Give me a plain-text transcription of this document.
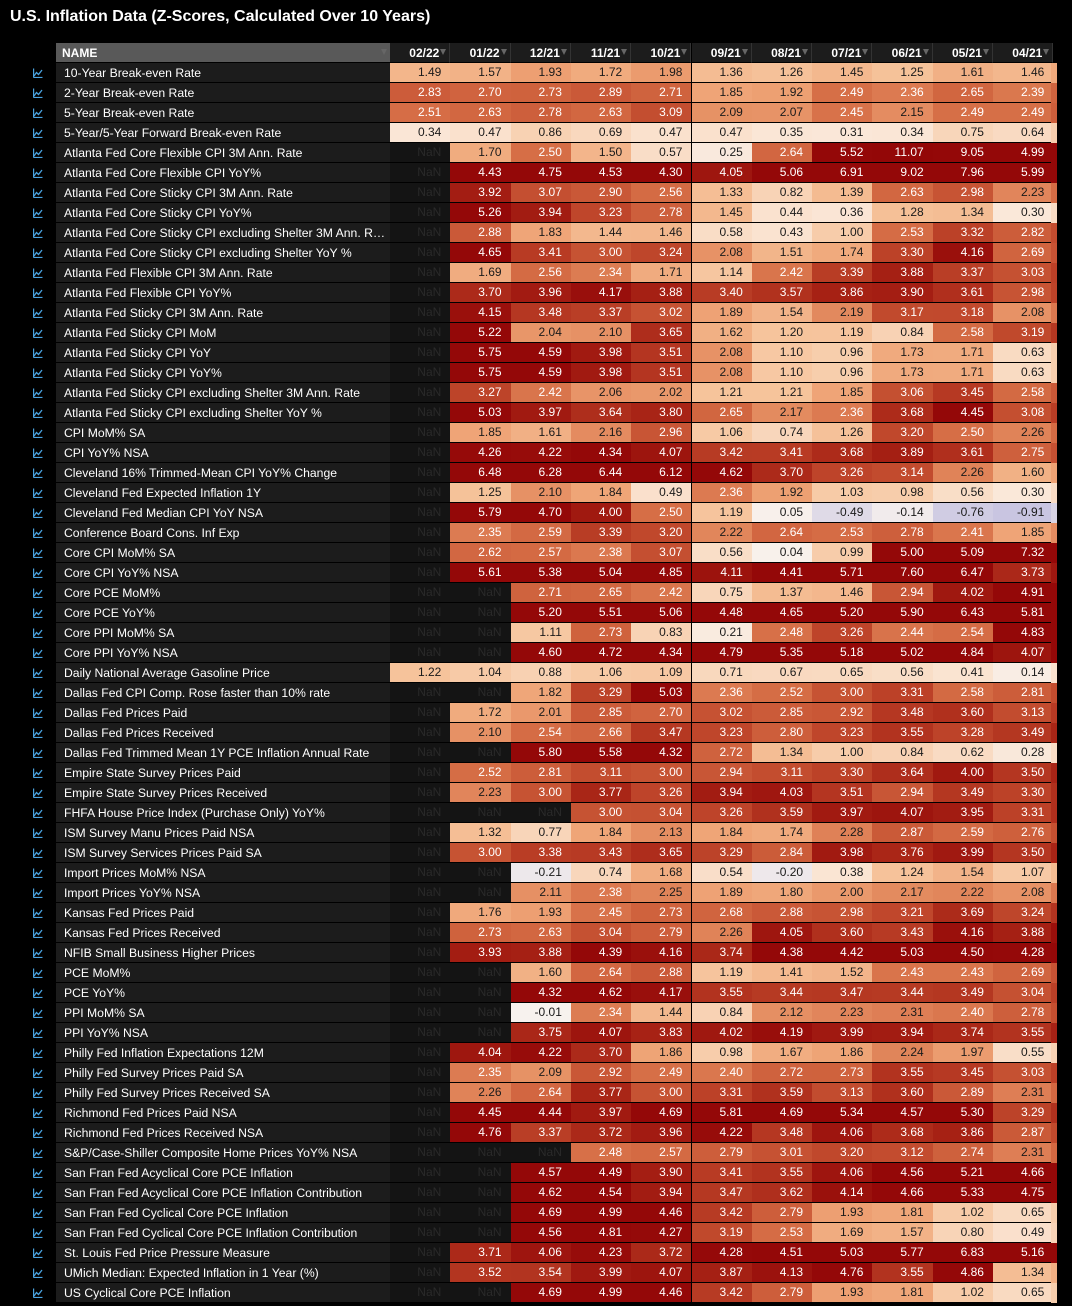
U.S. Inflation Data (Z-Scores, Calculated Over 10 Years)
NAME	02/22	01/22	12/21	11/21	10/21	09/21	08/21	07/21	06/21	05/21	04/21
10-Year Break-even Rate	1.49	1.57	1.93	1.72	1.98	1.36	1.26	1.45	1.25	1.61	1.46
2-Year Break-even Rate	2.83	2.70	2.73	2.89	2.71	1.85	1.92	2.49	2.36	2.65	2.39
5-Year Break-even Rate	2.51	2.63	2.78	2.63	3.09	2.09	2.07	2.45	2.15	2.49	2.49
5-Year/5-Year Forward Break-even Rate	0.34	0.47	0.86	0.69	0.47	0.47	0.35	0.31	0.34	0.75	0.64
Atlanta Fed Core Flexible CPI 3M Ann. Rate	NaN	1.70	2.50	1.50	0.57	0.25	2.64	5.52	11.07	9.05	4.99
Atlanta Fed Core Flexible CPI YoY%	NaN	4.43	4.75	4.53	4.30	4.05	5.06	6.91	9.02	7.96	5.99
Atlanta Fed Core Sticky CPI 3M Ann. Rate	NaN	3.92	3.07	2.90	2.56	1.33	0.82	1.39	2.63	2.98	2.23
Atlanta Fed Core Sticky CPI YoY%	NaN	5.26	3.94	3.23	2.78	1.45	0.44	0.36	1.28	1.34	0.30
Atlanta Fed Core Sticky CPI excluding Shelter 3M Ann. R…	NaN	2.88	1.83	1.44	1.46	0.58	0.43	1.00	2.53	3.32	2.82
Atlanta Fed Core Sticky CPI excluding Shelter YoY %	NaN	4.65	3.41	3.00	3.24	2.08	1.51	1.74	3.30	4.16	2.69
Atlanta Fed Flexible CPI 3M Ann. Rate	NaN	1.69	2.56	2.34	1.71	1.14	2.42	3.39	3.88	3.37	3.03
Atlanta Fed Flexible CPI YoY%	NaN	3.70	3.96	4.17	3.88	3.40	3.57	3.86	3.90	3.61	2.98
Atlanta Fed Sticky CPI 3M Ann. Rate	NaN	4.15	3.48	3.37	3.02	1.89	1.54	2.19	3.17	3.18	2.08
Atlanta Fed Sticky CPI MoM	NaN	5.22	2.04	2.10	3.65	1.62	1.20	1.19	0.84	2.58	3.19
Atlanta Fed Sticky CPI YoY	NaN	5.75	4.59	3.98	3.51	2.08	1.10	0.96	1.73	1.71	0.63
Atlanta Fed Sticky CPI YoY%	NaN	5.75	4.59	3.98	3.51	2.08	1.10	0.96	1.73	1.71	0.63
Atlanta Fed Sticky CPI excluding Shelter 3M Ann. Rate	NaN	3.27	2.42	2.06	2.02	1.21	1.21	1.85	3.06	3.45	2.58
Atlanta Fed Sticky CPI excluding Shelter YoY %	NaN	5.03	3.97	3.64	3.80	2.65	2.17	2.36	3.68	4.45	3.08
CPI MoM% SA	NaN	1.85	1.61	2.16	2.96	1.06	0.74	1.26	3.20	2.50	2.26
CPI YoY% NSA	NaN	4.26	4.22	4.34	4.07	3.42	3.41	3.68	3.89	3.61	2.75
Cleveland 16% Trimmed-Mean CPI YoY% Change	NaN	6.48	6.28	6.44	6.12	4.62	3.70	3.26	3.14	2.26	1.60
Cleveland Fed Expected Inflation 1Y	NaN	1.25	2.10	1.84	0.49	2.36	1.92	1.03	0.98	0.56	0.30
Cleveland Fed Median CPI YoY NSA	NaN	5.79	4.70	4.00	2.50	1.19	0.05	-0.49	-0.14	-0.76	-0.91
Conference Board Cons. Inf Exp	NaN	2.35	2.59	3.39	3.20	2.22	2.64	2.53	2.78	2.41	1.85
Core CPI MoM% SA	NaN	2.62	2.57	2.38	3.07	0.56	0.04	0.99	5.00	5.09	7.32
Core CPI YoY% NSA	NaN	5.61	5.38	5.04	4.85	4.11	4.41	5.71	7.60	6.47	3.73
Core PCE MoM%	NaN	NaN	2.71	2.65	2.42	0.75	1.37	1.46	2.94	4.02	4.91
Core PCE YoY%	NaN	NaN	5.20	5.51	5.06	4.48	4.65	5.20	5.90	6.43	5.81
Core PPI MoM% SA	NaN	NaN	1.11	2.73	0.83	0.21	2.48	3.26	2.44	2.54	4.83
Core PPI YoY% NSA	NaN	NaN	4.60	4.72	4.34	4.79	5.35	5.18	5.02	4.84	4.07
Daily National Average Gasoline Price	1.22	1.04	0.88	1.06	1.09	0.71	0.67	0.65	0.56	0.41	0.14
Dallas Fed CPI Comp. Rose faster than 10% rate	NaN	NaN	1.82	3.29	5.03	2.36	2.52	3.00	3.31	2.58	2.81
Dallas Fed Prices Paid	NaN	1.72	2.01	2.85	2.70	3.02	2.85	2.92	3.48	3.60	3.13
Dallas Fed Prices Received	NaN	2.10	2.54	2.66	3.47	3.23	2.80	3.23	3.55	3.28	3.49
Dallas Fed Trimmed Mean 1Y PCE Inflation Annual Rate	NaN	NaN	5.80	5.58	4.32	2.72	1.34	1.00	0.84	0.62	0.28
Empire State Survey Prices Paid	NaN	2.52	2.81	3.11	3.00	2.94	3.11	3.30	3.64	4.00	3.50
Empire State Survey Prices Received	NaN	2.23	3.00	3.77	3.26	3.94	4.03	3.51	2.94	3.49	3.30
FHFA House Price Index (Purchase Only) YoY%	NaN	NaN	NaN	3.00	3.04	3.26	3.59	3.97	4.07	3.95	3.31
ISM Survey Manu Prices Paid NSA	NaN	1.32	0.77	1.84	2.13	1.84	1.74	2.28	2.87	2.59	2.76
ISM Survey Services Prices Paid SA	NaN	3.00	3.38	3.43	3.65	3.29	2.84	3.98	3.76	3.99	3.50
Import Prices MoM% NSA	NaN	NaN	-0.21	0.74	1.68	0.54	-0.20	0.38	1.24	1.54	1.07
Import Prices YoY% NSA	NaN	NaN	2.11	2.38	2.25	1.89	1.80	2.00	2.17	2.22	2.08
Kansas Fed Prices Paid	NaN	1.76	1.93	2.45	2.73	2.68	2.88	2.98	3.21	3.69	3.24
Kansas Fed Prices Received	NaN	2.73	2.63	3.04	2.79	2.26	4.05	3.60	3.43	4.16	3.88
NFIB Small Business Higher Prices	NaN	3.93	3.88	4.39	4.16	3.74	4.38	4.42	5.03	4.50	4.28
PCE MoM%	NaN	NaN	1.60	2.64	2.88	1.19	1.41	1.52	2.43	2.43	2.69
PCE YoY%	NaN	NaN	4.32	4.62	4.17	3.55	3.44	3.47	3.44	3.49	3.04
PPI MoM% SA	NaN	NaN	-0.01	2.34	1.44	0.84	2.12	2.23	2.31	2.40	2.78
PPI YoY% NSA	NaN	NaN	3.75	4.07	3.83	4.02	4.19	3.99	3.94	3.74	3.55
Philly Fed Inflation Expectations 12M	NaN	4.04	4.22	3.70	1.86	0.98	1.67	1.86	2.24	1.97	0.55
Philly Fed Survey Prices Paid SA	NaN	2.35	2.09	2.92	2.49	2.40	2.72	2.73	3.55	3.45	3.03
Philly Fed Survey Prices Received SA	NaN	2.26	2.64	3.77	3.00	3.31	3.59	3.13	3.60	2.89	2.31
Richmond Fed Prices Paid NSA	NaN	4.45	4.44	3.97	4.69	5.81	4.69	5.34	4.57	5.30	3.29
Richmond Fed Prices Received NSA	NaN	4.76	3.37	3.72	3.96	4.22	3.48	4.06	3.68	3.86	2.87
S&P/Case-Shiller Composite Home Prices YoY% NSA	NaN	NaN	NaN	2.48	2.57	2.79	3.01	3.20	3.12	2.74	2.31
San Fran Fed Acyclical Core PCE Inflation	NaN	NaN	4.57	4.49	3.90	3.41	3.55	4.06	4.56	5.21	4.66
San Fran Fed Acyclical Core PCE Inflation Contribution	NaN	NaN	4.62	4.54	3.94	3.47	3.62	4.14	4.66	5.33	4.75
San Fran Fed Cyclical Core PCE Inflation	NaN	NaN	4.69	4.99	4.46	3.42	2.79	1.93	1.81	1.02	0.65
San Fran Fed Cyclical Core PCE Inflation Contribution	NaN	NaN	4.56	4.81	4.27	3.19	2.53	1.69	1.57	0.80	0.49
St. Louis Fed Price Pressure Measure	NaN	3.71	4.06	4.23	3.72	4.28	4.51	5.03	5.77	6.83	5.16
UMich Median: Expected Inflation in 1 Year (%)	NaN	3.52	3.54	3.99	4.07	3.87	4.13	4.76	3.55	4.86	1.34
US Cyclical Core PCE Inflation	NaN	NaN	4.69	4.99	4.46	3.42	2.79	1.93	1.81	1.02	0.65
